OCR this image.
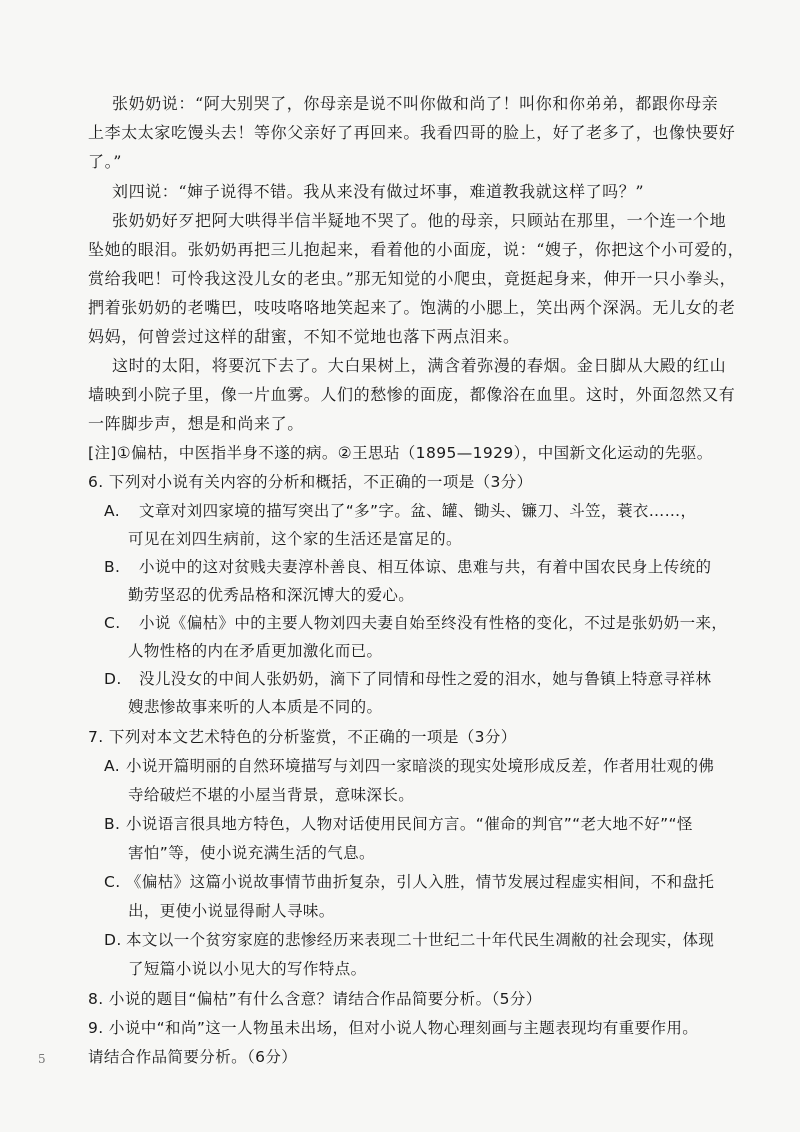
张奶奶说：“阿大别哭了，你母亲是说不叫你做和尚了！叫你和你弟弟，都跟你母亲
上李太太家吃馒头去！等你父亲好了再回来。我看四哥的脸上，好了老多了，也像快要好
了。”
刘四说：“婶子说得不错。我从来没有做过坏事，难道教我就这样了吗？”
张奶奶好歹把阿大哄得半信半疑地不哭了。他的母亲，只顾站在那里，一个连一个地
坠她的眼泪。张奶奶再把三儿抱起来，看着他的小面庞，说：“嫂子，你把这个小可爱的，
赏给我吧！可怜我这没儿女的老虫。”那无知觉的小爬虫，竟挺起身来，伸开一只小拳头，
捫着张奶奶的老嘴巴，吱吱咯咯地笑起来了。饱满的小腮上，笑出两个深涡。无儿女的老
妈妈，何曾尝过这样的甜蜜，不知不觉地也落下两点泪来。
这时的太阳，将要沉下去了。大白果树上，满含着弥漫的春烟。金日脚从大殿的红山
墙映到小院子里，像一片血雾。人们的愁惨的面庞，都像浴在血里。这时，外面忽然又有
一阵脚步声，想是和尚来了。
[注]①偏枯，中医指半身不遂的病。②王思玷（1895—1929），中国新文化运动的先驱。
6. 下列对小说有关内容的分析和概括，不正确的一项是（3分）
A. 文章对刘四家境的描写突出了“多”字。盆、罐、锄头、镰刀、斗笠，蓑衣……，
可见在刘四生病前，这个家的生活还是富足的。
B. 小说中的这对贫贱夫妻淳朴善良、相互体谅、患难与共，有着中国农民身上传统的
勤劳坚忍的优秀品格和深沉博大的爱心。
C. 小说《偏枯》中的主要人物刘四夫妻自始至终没有性格的变化，不过是张奶奶一来，
人物性格的内在矛盾更加激化而已。
D. 没儿没女的中间人张奶奶，滴下了同情和母性之爱的泪水，她与鲁镇上特意寻祥林
嫂悲惨故事来听的人本质是不同的。
7. 下列对本文艺术特色的分析鉴赏，不正确的一项是（3分）
A. 小说开篇明丽的自然环境描写与刘四一家暗淡的现实处境形成反差，作者用壮观的佛
寺给破烂不堪的小屋当背景，意味深长。
B. 小说语言很具地方特色，人物对话使用民间方言。“催命的判官”“老大地不好”“怪
害怕”等，使小说充满生活的气息。
C. 《偏枯》这篇小说故事情节曲折复杂，引人入胜，情节发展过程虚实相间，不和盘托
出，更使小说显得耐人寻味。
D. 本文以一个贫穷家庭的悲惨经历来表现二十世纪二十年代民生凋敝的社会现实，体现
了短篇小说以小见大的写作特点。
8. 小说的题目“偏枯”有什么含意？请结合作品简要分析。（5分）
9. 小说中“和尚”这一人物虽未出场，但对小说人物心理刻画与主题表现均有重要作用。
请结合作品简要分析。（6分）
5
